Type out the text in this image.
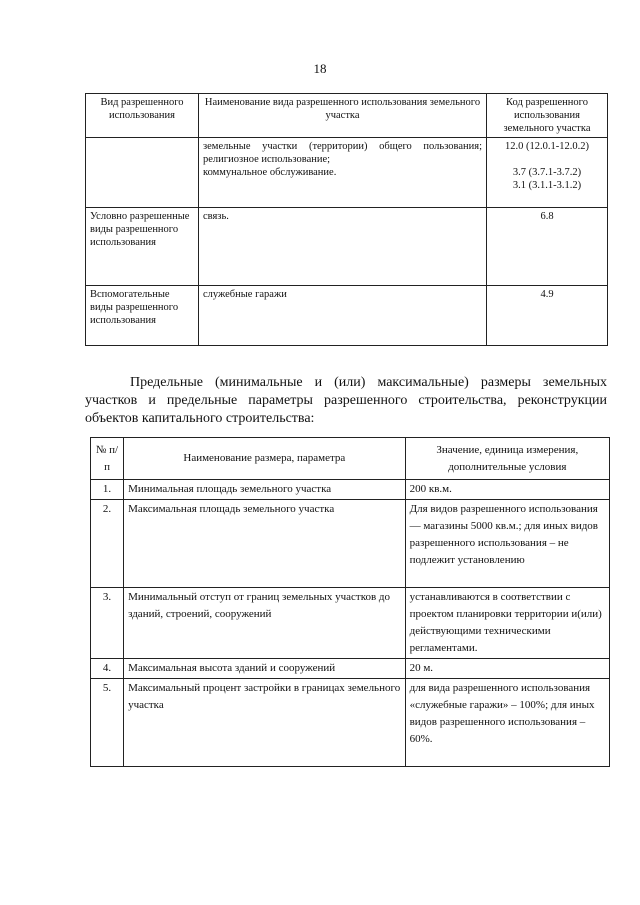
18
Вид разрешенного использования	Наименование вида разрешенного использования земельного участка	Код разрешенного использования земельного участка

	земельные участки (территории) общего пользования;
религиозное использование;
коммунальное обслуживание.	12.0 (12.0.1-12.0.2)
3.7 (3.7.1-3.7.2)
3.1 (3.1.1-3.1.2)

Условно разрешенные виды разрешенного использования	связь.	6.8
Вспомогательные виды разрешенного использования	служебные гаражи	4.9

Предельные (минимальные и (или) максимальные) размеры земельных участков и предельные параметры разрешенного строительства, реконструкции объектов капитального строительства:

№ п/п	Наименование размера, параметра	Значение, единица измерения, дополнительные условия
1.	Минимальная площадь земельного участка	200 кв.м.
2.	Максимальная площадь земельного участка	Для видов разрешенного использования — магазины 5000 кв.м.; для иных видов разрешенного использования – не подлежит установлению
3.	Минимальный отступ от границ земельных участков до зданий, строений, сооружений	устанавливаются в соответствии с проектом планировки территории и(или) действующими техническими регламентами.
4.	Максимальная высота зданий и сооружений	20 м.
5.	Максимальный процент застройки в границах земельного участка	для вида разрешенного использования «служебные гаражи» – 100%; для иных видов разрешенного использования – 60%.
